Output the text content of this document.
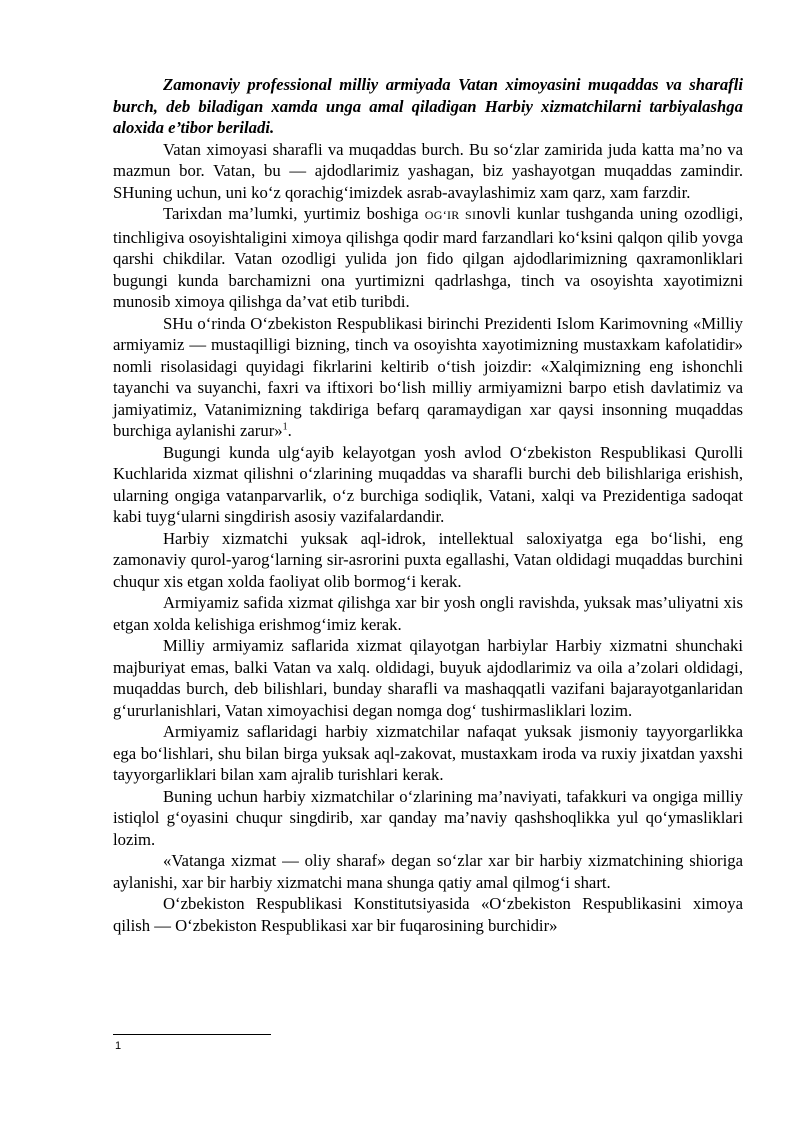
Zamonaviy professional milliy armiyada Vatan ximoyasini muqaddas va sharafli burch, deb biladigan xamda unga amal qiladigan Harbiy xizmatchilarni tarbiyalashga aloxida e’tibor beriladi.

Vatan ximoyasi sharafli va muqaddas burch. Bu so‘zlar zamirida juda katta ma’no va mazmun bor. Vatan, bu — ajdodlarimiz yashagan, biz yashayotgan muqaddas zamindir. SHuning uchun, uni ko‘z qorachig‘imizdek asrab-avaylashimiz xam qarz, xam farzdir.

Tarixdan ma’lumki, yurtimiz boshiga OG‘IR SInovli kunlar tushganda uning ozodligi, tinchligiva osoyishtaligini ximoya qilishga qodir mard farzandlari ko‘ksini qalqon qilib yovga qarshi chikdilar. Vatan ozodligi yulida jon fido qilgan ajdodlarimizning qaxramonliklari bugungi kunda barchamizni ona yurtimizni qadrlashga, tinch va osoyishta xayotimizni munosib ximoya qilishga da’vat etib turibdi.

SHu o‘rinda O‘zbekiston Respublikasi birinchi Prezidenti Islom Karimovning «Milliy armiyamiz — mustaqilligi bizning, tinch va osoyishta xayotimizning mustaxkam kafolatidir» nomli risolasidagi quyidagi fikrlarini keltirib o‘tish joizdir: «Xalqimizning eng ishonchli tayanchi va suyanchi, faxri va iftixori bo‘lish milliy armiyamizni barpo etish davlatimiz va jamiyatimiz, Vatanimizning takdiriga befarq qaramaydigan xar qaysi insonning muqaddas burchiga aylanishi zarur»$^1$.

Bugungi kunda ulg‘ayib kelayotgan yosh avlod O‘zbekiston Respublikasi Qurolli Kuchlarida xizmat qilishni o‘zlarining muqaddas va sharafli burchi deb bilishlariga erishish, ularning ongiga vatanparvarlik, o‘z burchiga sodiqlik, Vatani, xalqi va Prezidentiga sadoqat kabi tuyg‘ularni singdirish asosiy vazifalardandir.

Harbiy xizmatchi yuksak aql-idrok, intellektual saloxiyatga ega bo‘lishi, eng zamonaviy qurol-yarog‘larning sir-asrorini puxta egallashi, Vatan oldidagi muqaddas burchini chuqur xis etgan xolda faoliyat olib bormog‘i kerak.

Armiyamiz safida xizmat qilishga xar bir yosh ongli ravishda, yuksak mas’uliyatni xis etgan xolda kelishiga erishmog‘imiz kerak.

Milliy armiyamiz saflarida xizmat qilayotgan harbiylar Harbiy xizmatni shunchaki majburiyat emas, balki Vatan va xalq. oldidagi, buyuk ajdodlarimiz va oila a’zolari oldidagi, muqaddas burch, deb bilishlari, bunday sharafli va mashaqqatli vazifani bajarayotganlaridan g‘ururlanishlari, Vatan ximoyachisi degan nomga dog‘ tushirmasliklari lozim.

Armiyamiz saflaridagi harbiy xizmatchilar nafaqat yuksak jismoniy tayyorgarlikka ega bo‘lishlari, shu bilan birga yuksak aql-zakovat, mustaxkam iroda va ruxiy jixatdan yaxshi tayyorgarliklari bilan xam ajralib turishlari kerak.

Buning uchun harbiy xizmatchilar o‘zlarining ma’naviyati, tafakkuri va ongiga milliy istiqlol g‘oyasini chuqur singdirib, xar qanday ma’naviy qashshoqlikka yul qo‘ymasliklari lozim.

«Vatanga xizmat — oliy sharaf» degan so‘zlar xar bir harbiy xizmatchining shioriga aylanishi, xar bir harbiy xizmatchi mana shunga qatiy amal qilmog‘i shart.

O‘zbekiston Respublikasi Konstitutsiyasida «O‘zbekiston Respublikasini ximoya qilish — O‘zbekiston Respublikasi xar bir fuqarosining burchidir»

1
